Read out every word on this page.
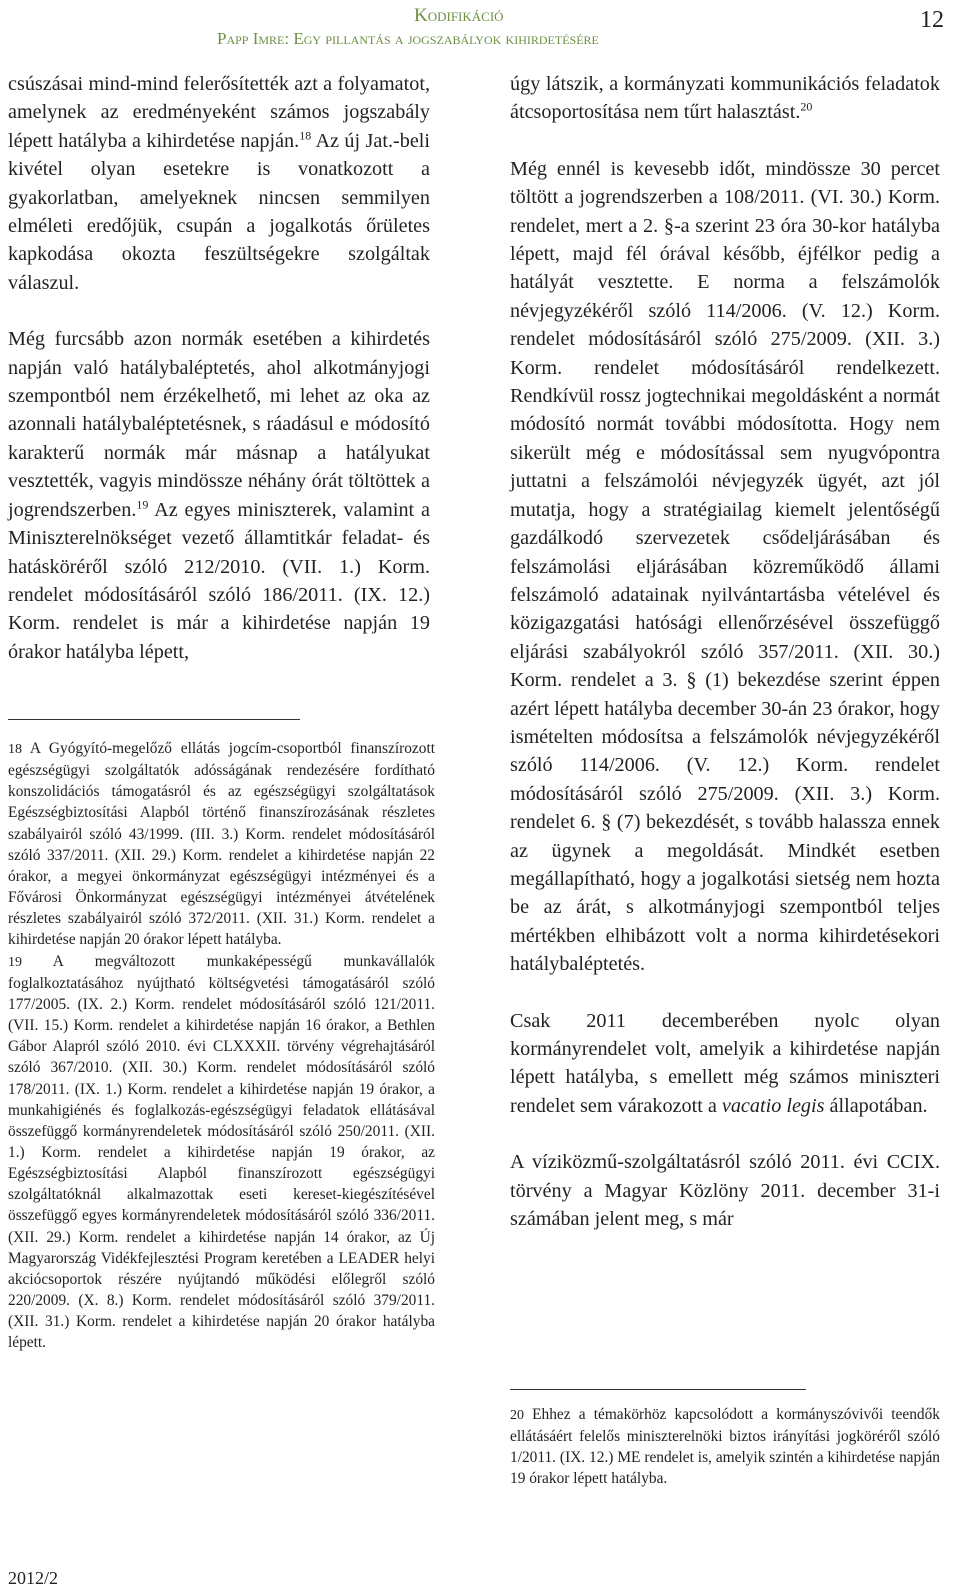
Kodifikáció
Papp Imre: Egy pillantás a jogszabályok kihirdetésére
12

csúszásai mind-mind felerősítették azt a folyamatot, amelynek az eredményeként számos jogszabály lépett hatályba a kihirdetése napján.$^{18}$ Az új Jat.-beli kivétel olyan esetekre is vonatkozott a gyakorlatban, amelyeknek nincsen semmilyen elméleti eredőjük, csupán a jogalkotás őrületes kapkodása okozta feszültségekre szolgáltak válaszul.

Még furcsább azon normák esetében a kihirdetés napján való hatálybaléptetés, ahol alkotmányjogi szempontból nem érzékelhető, mi lehet az oka az azonnali hatálybaléptetésnek, s ráadásul e módosító karakterű normák már másnap a hatályukat vesztették, vagyis mindössze néhány órát töltöttek a jogrendszerben.$^{19}$ Az egyes miniszterek, valamint a Miniszterelnökséget vezető államtitkár feladat- és hatásköréről szóló 212/2010. (VII. 1.) Korm. rendelet módosításáról szóló 186/2011. (IX. 12.) Korm. rendelet is már a kihirdetése napján 19 órakor hatályba lépett,

18 A Gyógyító-megelőző ellátás jogcím-csoportból finanszírozott egészségügyi szolgáltatók adósságának rendezésére fordítható konszolidációs támogatásról és az egészségügyi szolgáltatások Egészségbiztosítási Alapból történő finanszírozásának részletes szabályairól szóló 43/1999. (III. 3.) Korm. rendelet módosításáról szóló 337/2011. (XII. 29.) Korm. rendelet a kihirdetése napján 22 órakor, a megyei önkormányzat egészségügyi intézményei és a Fővárosi Önkormányzat egészségügyi intézményei átvételének részletes szabályairól szóló 372/2011. (XII. 31.) Korm. rendelet a kihirdetése napján 20 órakor lépett hatályba.

19 A megváltozott munkaképességű munkavállalók foglalkoztatásához nyújtható költségvetési támogatásáról szóló 177/2005. (IX. 2.) Korm. rendelet módosításáról szóló 121/2011. (VII. 15.) Korm. rendelet a kihirdetése napján 16 órakor, a Bethlen Gábor Alapról szóló 2010. évi CLXXXII. törvény végrehajtásáról szóló 367/2010. (XII. 30.) Korm. rendelet módosításáról szóló 178/2011. (IX. 1.) Korm. rendelet a kihirdetése napján 19 órakor, a munkahigiénés és foglalkozás-egészségügyi feladatok ellátásával összefüggő kormányrendeletek módosításáról szóló 250/2011. (XII. 1.) Korm. rendelet a kihirdetése napján 19 órakor, az Egészségbiztosítási Alapból finanszírozott egészségügyi szolgáltatóknál alkalmazottak eseti kereset-kiegészítésével összefüggő egyes kormányrendeletek módosításáról szóló 336/2011. (XII. 29.) Korm. rendelet a kihirdetése napján 14 órakor, az Új Magyarország Vidékfejlesztési Program keretében a LEADER helyi akciócsoportok részére nyújtandó működési előlegről szóló 220/2009. (X. 8.) Korm. rendelet módosításáról szóló 379/2011. (XII. 31.) Korm. rendelet a kihirdetése napján 20 órakor hatályba lépett.

2012/2

úgy látszik, a kormányzati kommunikációs feladatok átcsoportosítása nem tűrt halasztást.$^{20}$

Még ennél is kevesebb időt, mindössze 30 percet töltött a jogrendszerben a 108/2011. (VI. 30.) Korm. rendelet, mert a 2. §-a szerint 23 óra 30-kor hatályba lépett, majd fél órával később, éjfélkor pedig a hatályát vesztette. E norma a felszámolók névjegyzékéről szóló 114/2006. (V. 12.) Korm. rendelet módosításáról szóló 275/2009. (XII. 3.) Korm. rendelet módosításáról rendelkezett. Rendkívül rossz jogtechnikai megoldásként a normát módosító normát további módosította. Hogy nem sikerült még e módosítással sem nyugvópontra juttatni a felszámolói névjegyzék ügyét, azt jól mutatja, hogy a stratégiailag kiemelt jelentőségű gazdálkodó szervezetek csődeljárásában és felszámolási eljárásában közreműködő állami felszámoló adatainak nyilvántartásba vételével és közigazgatási hatósági ellenőrzésével összefüggő eljárási szabályokról szóló 357/2011. (XII. 30.) Korm. rendelet a 3. § (1) bekezdése szerint éppen azért lépett hatályba december 30-án 23 órakor, hogy ismételten módosítsa a felszámolók névjegyzékéről szóló 114/2006. (V. 12.) Korm. rendelet módosításáról szóló 275/2009. (XII. 3.) Korm. rendelet 6. § (7) bekezdését, s tovább halassza ennek az ügynek a megoldását. Mindkét esetben megállapítható, hogy a jogalkotási sietség nem hozta be az árát, s alkotmányjogi szempontból teljes mértékben elhibázott volt a norma kihirdetésekori hatálybaléptetés.

Csak 2011 decemberében nyolc olyan kormányrendelet volt, amelyik a kihirdetése napján lépett hatályba, s emellett még számos miniszteri rendelet sem várakozott a vacatio legis állapotában.

A víziközmű-szolgáltatásról szóló 2011. évi CCIX. törvény a Magyar Közlöny 2011. december 31-i számában jelent meg, s már

20 Ehhez a témakörhöz kapcsolódott a kormányszóvivői teendők ellátásáért felelős miniszterelnöki biztos irányítási jogköréről szóló 1/2011. (IX. 12.) ME rendelet is, amelyik szintén a kihirdetése napján 19 órakor lépett hatályba.
